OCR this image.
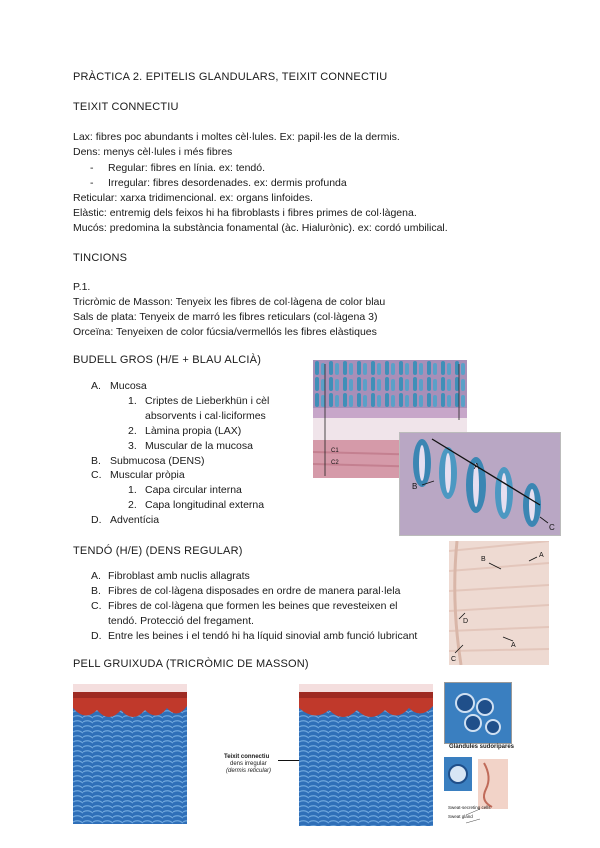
PRÀCTICA 2. EPITELIS GLANDULARS, TEIXIT CONNECTIU
TEIXIT CONNECTIU
Lax: fibres poc abundants i moltes cèl·lules. Ex: papil·les de la dermis.
Dens: menys cèl·lules i més fibres
- Regular: fibres en línia. ex: tendó.
- Irregular: fibres desordenades. ex: dermis profunda
Reticular: xarxa tridimencional. ex: organs linfoides.
Elàstic: entremig dels feixos hi ha fibroblasts i fibres primes de col·làgena.
Mucós: predomina la substància fonamental (àc. Hialurònic). ex: cordó umbilical.
TINCIONS
P.1.
Tricròmic de Masson: Tenyeix les fibres de col·làgena de color blau
Sals de plata: Tenyeix de marró les fibres reticulars (col·làgena 3)
Orceïna: Tenyeixen de color fúcsia/vermellós les fibres elàstiques
BUDELL GROS (H/E + BLAU ALCIÀ)
A. Mucosa
1. Criptes de Lieberkhün i cèl
absorvents i cal·liciformes
2. Làmina propia (LAX)
3. Muscular de la mucosa
B. Submucosa (DENS)
C. Muscular pròpia
1. Capa circular interna
2. Capa longitudinal externa
D. Adventícia
C1
C2	A
B
C
TENDÓ (H/E) (DENS REGULAR)
A. Fibroblast amb nuclis allagrats
B. Fibres de col·làgena disposades en ordre de manera paral·lela
C. Fibres de col·làgena que formen les beines que revesteixen el
tendó. Protecció del fregament.
D. Entre les beines i el tendó hi ha líquid sinovial amb funció lubricant
B
A
A
D
C
PELL GRUIXUDA (TRICRÒMIC DE MASSON)
Teixit connectiu
dens irregular
(dermis reticular)
Glàndules sudorípares
Sweat-secreting cells
Sweat gland
